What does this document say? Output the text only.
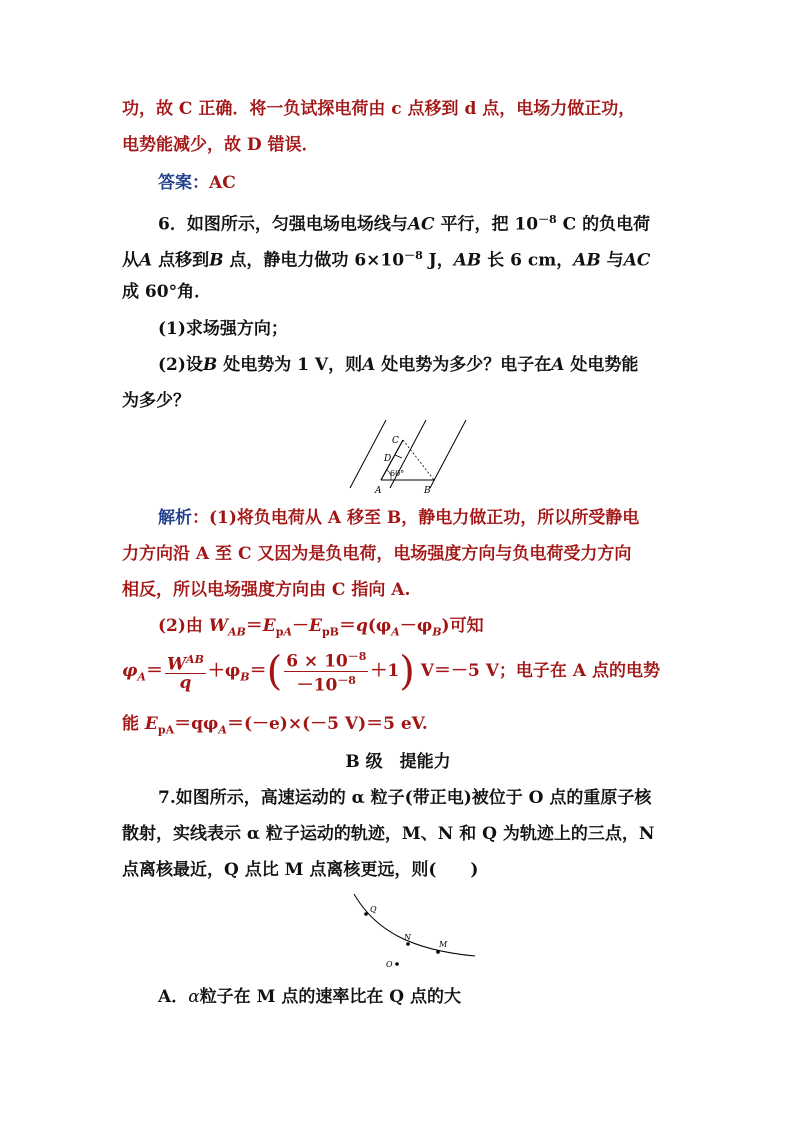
功，故 C 正确．将一负试探电荷由 c 点移到 d 点，电场力做正功，
电势能减少，故 D 错误．
答案：AC
6．如图所示，匀强电场电场线与AC 平行，把 $10^{-8}$ C 的负电荷
从A 点移到B 点，静电力做功 $6\times 10^{-8}$ J，AB 长 6 cm，AB 与AC
成 60°角．
(1)求场强方向；
(2)设B 处电势为 1 V，则A 处电势为多少？电子在A 处电势能
为多少？
C
D
60°
A	B
解析：(1)将负电荷从 A 移至 B，静电力做正功，所以所受静电
力方向沿 A 至 C 又因为是负电荷，电场强度方向与负电荷受力方向
相反，所以电场强度方向由 C 指向 A.
(2)由 $W_{AB}=E_{pA}-E_{pB}=q(\varphi_A-\varphi_B)$可知
$\varphi_A= \frac{W^{AB}}{q} +\varphi_B=( \frac{6 \times 10^{-8}}{-10^{-8}} +1)$ V＝－5 V；电子在 A 点的电势
能 $E_{pA}=q\varphi_A=(-e)\times(-5$ V)＝5 eV.
B 级　提能力
7.如图所示，高速运动的 α 粒子(带正电)被位于 O 点的重原子核
散射，实线表示 α 粒子运动的轨迹，M、N 和 Q 为轨迹上的三点，N
点离核最近，Q 点比 M 点离核更远，则(　　)
Q
N
M
O
A．α粒子在 M 点的速率比在 Q 点的大
